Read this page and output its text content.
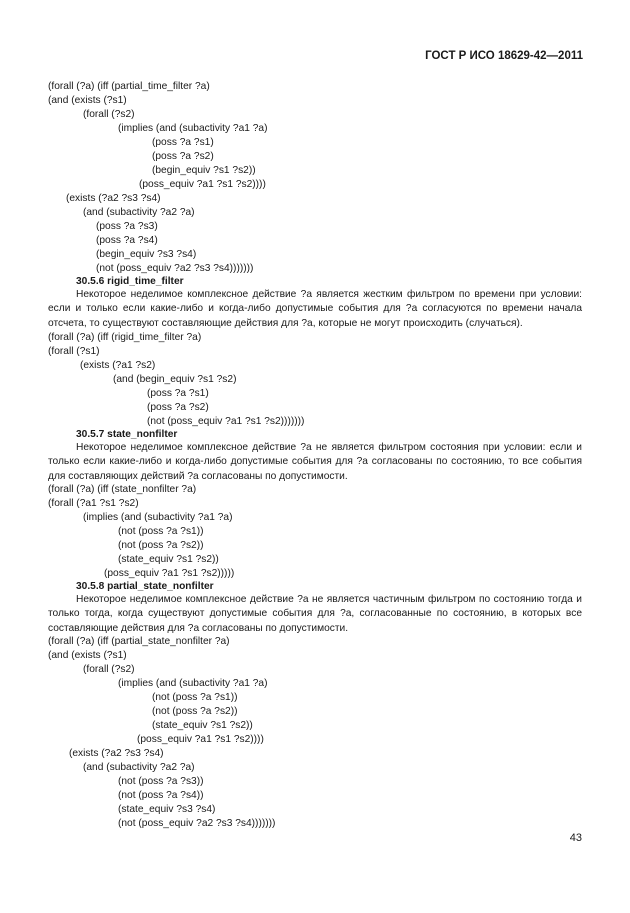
ГОСТ Р ИСО 18629-42—2011
(forall (?a) (iff (partial_time_filter ?a)
(and (exists (?s1)
(forall (?s2)
(implies (and (subactivity ?a1 ?a)
(poss ?a ?s1)
(poss ?a ?s2)
(begin_equiv ?s1 ?s2))
(poss_equiv ?a1 ?s1 ?s2))))
(exists (?a2 ?s3 ?s4)
(and (subactivity ?a2 ?a)
(poss ?a ?s3)
(poss ?a ?s4)
(begin_equiv ?s3 ?s4)
(not (poss_equiv ?a2 ?s3 ?s4)))))))
30.5.6 rigid_time_filter
Некоторое неделимое комплексное действие ?a является жестким фильтром по времени при условии: если и только если какие-либо и когда-либо допустимые события для ?a согласуются по времени начала отсчета, то существуют составляющие действия для ?a, которые не могут происходить (случаться).
(forall (?a) (iff (rigid_time_filter ?a)
(forall (?s1)
(exists (?a1 ?s2)
(and (begin_equiv ?s1 ?s2)
(poss ?a ?s1)
(poss ?a ?s2)
(not (poss_equiv ?a1 ?s1 ?s2)))))))
30.5.7 state_nonfilter
Некоторое неделимое комплексное действие ?a не является фильтром состояния при условии: если и только если какие-либо и когда-либо допустимые события для ?a согласованы по состоянию, то все события для составляющих действий ?a согласованы по допустимости.
(forall (?a) (iff (state_nonfilter ?a)
(forall (?a1 ?s1 ?s2)
(implies (and (subactivity ?a1 ?a)
(not (poss ?a ?s1))
(not (poss ?a ?s2))
(state_equiv ?s1 ?s2))
(poss_equiv ?a1 ?s1 ?s2)))))
30.5.8 partial_state_nonfilter
Некоторое неделимое комплексное действие ?a не является частичным фильтром по состоянию тогда и только тогда, когда существуют допустимые события для ?a, согласованные по состоянию, в которых все составляющие действия для ?a согласованы по допустимости.
(forall (?a) (iff (partial_state_nonfilter ?a)
(and (exists (?s1)
(forall (?s2)
(implies (and (subactivity ?a1 ?a)
(not (poss ?a ?s1))
(not (poss ?a ?s2))
(state_equiv ?s1 ?s2))
(poss_equiv ?a1 ?s1 ?s2))))
(exists (?a2 ?s3 ?s4)
(and (subactivity ?a2 ?a)
(not (poss ?a ?s3))
(not (poss ?a ?s4))
(state_equiv ?s3 ?s4)
(not (poss_equiv ?a2 ?s3 ?s4)))))))
43
